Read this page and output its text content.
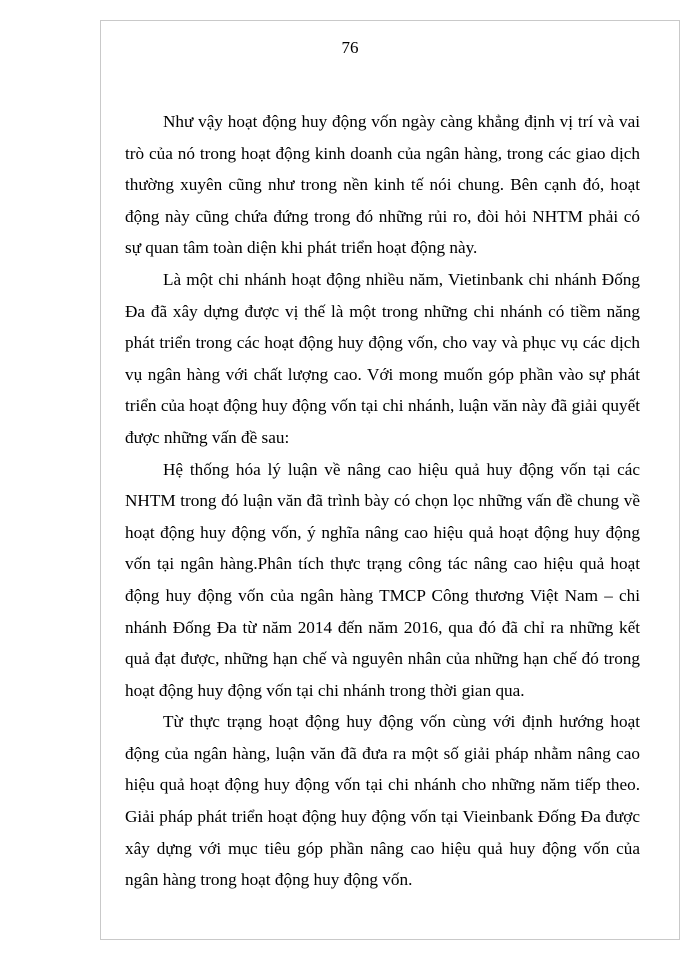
76

Như vậy hoạt động huy động vốn ngày càng khẳng định vị trí và vai trò của nó trong hoạt động kinh doanh của ngân hàng, trong các giao dịch thường xuyên cũng như trong nền kinh tế nói chung. Bên cạnh đó, hoạt động này cũng chứa đứng trong đó những rủi ro, đòi hỏi NHTM phải có sự quan tâm toàn diện khi phát triển hoạt động này.

Là một chi nhánh hoạt động nhiều năm, Vietinbank chi nhánh Đống Đa đã xây dựng được vị thế là một trong những chi nhánh có tiềm năng phát triển trong các hoạt động huy động vốn, cho vay và phục vụ các dịch vụ ngân hàng với chất lượng cao. Với mong muốn góp phần vào sự phát triển của hoạt động huy động vốn tại chi nhánh, luận văn này đã giải quyết được những vấn đề sau:

Hệ thống hóa lý luận về nâng cao hiệu quả huy động vốn tại các NHTM trong đó luận văn đã trình bày có chọn lọc những vấn đề chung về hoạt động huy động vốn, ý nghĩa nâng cao hiệu quả hoạt động huy động vốn tại ngân hàng.Phân tích thực trạng công tác nâng cao hiệu quả hoạt động huy động vốn của ngân hàng TMCP Công thương Việt Nam – chi nhánh Đống Đa từ năm 2014 đến năm 2016, qua đó đã chỉ ra những kết quả đạt được, những hạn chế và nguyên nhân của những hạn chế đó trong hoạt động huy động vốn tại chi nhánh trong thời gian qua.

Từ thực trạng hoạt động huy động vốn cùng với định hướng hoạt động của ngân hàng, luận văn đã đưa ra một số giải pháp nhằm nâng cao hiệu quả hoạt động huy động vốn tại chi nhánh cho những năm tiếp theo. Giải pháp phát triển hoạt động huy động vốn tại Vieinbank Đống Đa được xây dựng với mục tiêu góp phần nâng cao hiệu quả huy động vốn của ngân hàng trong hoạt động huy động vốn.
